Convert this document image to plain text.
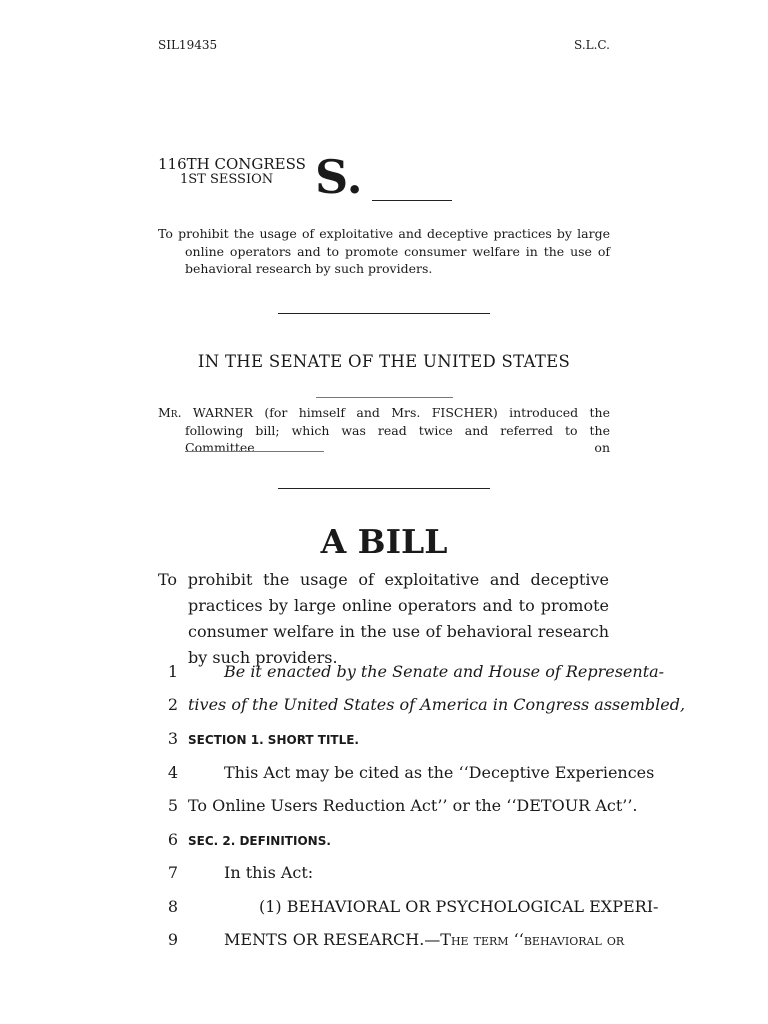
SIL19435	S.L.C.
116TH CONGRESS
1ST SESSION S.
To prohibit the usage of exploitative and deceptive practices by large online operators and to promote consumer welfare in the use of behavioral research by such providers.
IN THE SENATE OF THE UNITED STATES
Mr. WARNER (for himself and Mrs. FISCHER) introduced the following bill; which was read twice and referred to the Committee on
A BILL
To prohibit the usage of exploitative and deceptive practices by large online operators and to promote consumer welfare in the use of behavioral research by such providers.
1	Be it enacted by the Senate and House of Representa-
2 tives of the United States of America in Congress assembled,
3 SECTION 1. SHORT TITLE.
4	This Act may be cited as the ‘‘Deceptive Experiences
5 To Online Users Reduction Act’’ or the ‘‘DETOUR Act’’.
6 SEC. 2. DEFINITIONS.
7	In this Act:
8	(1) BEHAVIORAL OR PSYCHOLOGICAL EXPERI-
9	MENTS OR RESEARCH.—The term ‘‘behavioral or
